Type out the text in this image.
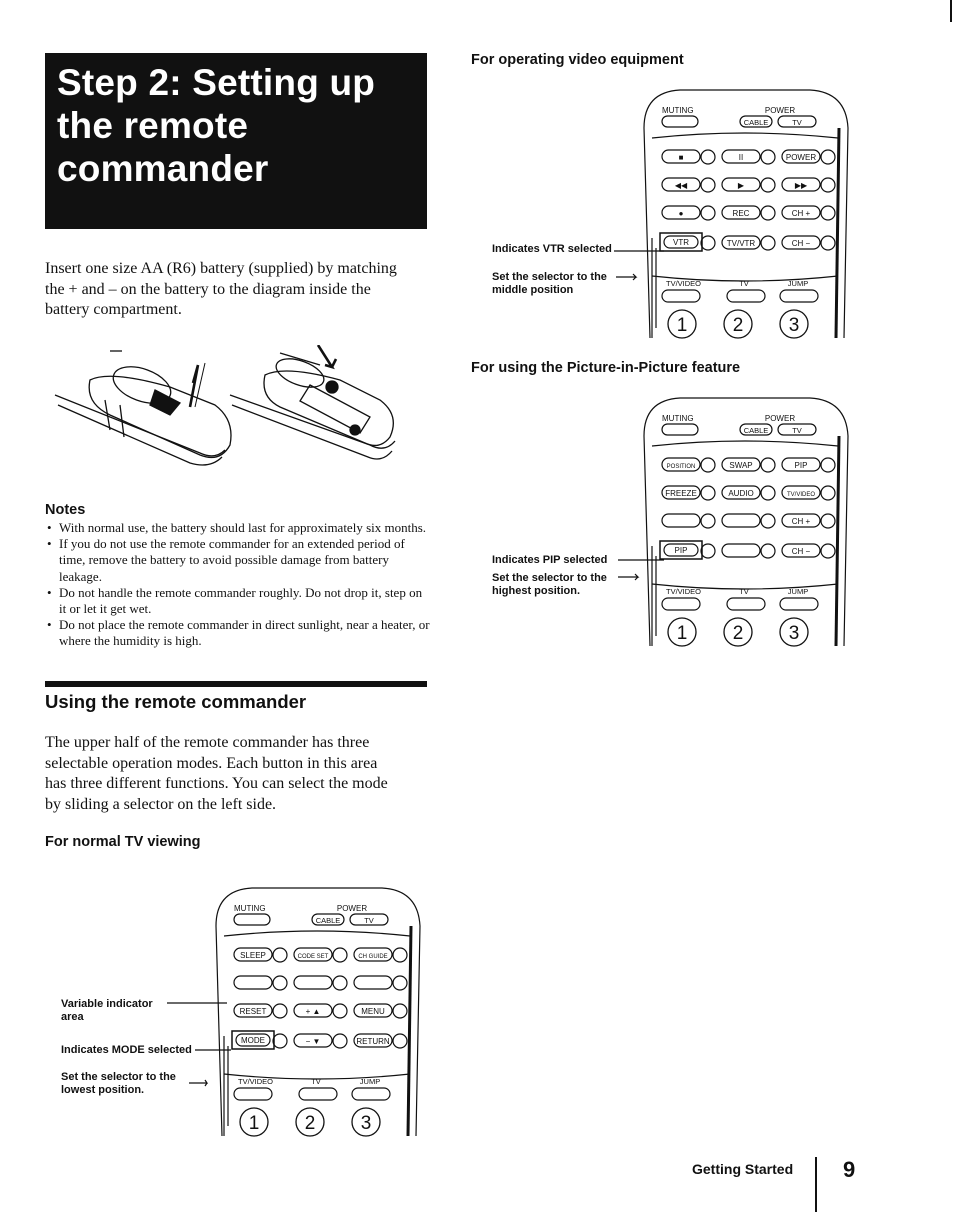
Step 2: Setting up
the remote
commander
Insert one size AA (R6) battery (supplied) by matching
the + and – on the battery to the diagram inside the
battery compartment.
Notes
• With normal use, the battery should last for approximately six months.
• If you do not use the remote commander for an extended period of time, remove the battery to avoid possible damage from battery leakage.
• Do not handle the remote commander roughly. Do not drop it, step on it or let it get wet.
• Do not place the remote commander in direct sunlight, near a heater, or where the humidity is high.
Using the remote commander
The upper half of the remote commander has three
selectable operation modes. Each button in this area
has three different functions. You can select the mode
by sliding a selector on the left side.
For normal TV viewing
Variable indicator
area
Indicates MODE selected
Set the selector to the
lowest position.
For operating video equipment
Indicates VTR selected
Set the selector to the
middle position
For using the Picture-in-Picture feature
Indicates PIP selected
Set the selector to the
highest position.
MUTING	POWER
CABLE	TV
■	II	POWER
◀◀	▶	▶▶
●	REC	CH +
VTR	TV/VTR	CH −
TV/VIDEO	TV	JUMP
1 2 3
MUTING	POWER
CABLE	TV
POSITION	SWAP	PIP
FREEZE	AUDIO	TV/VIDEO
CH +
PIP	CH −
TV/VIDEO	TV	JUMP
1 2 3
MUTING	POWER
CABLE	TV
SLEEP	CODE SET	CH GUIDE
RESET	+ ▲	MENU
MODE	− ▼	RETURN
TV/VIDEO	TV	JUMP
1 2 3
Getting Started 9
